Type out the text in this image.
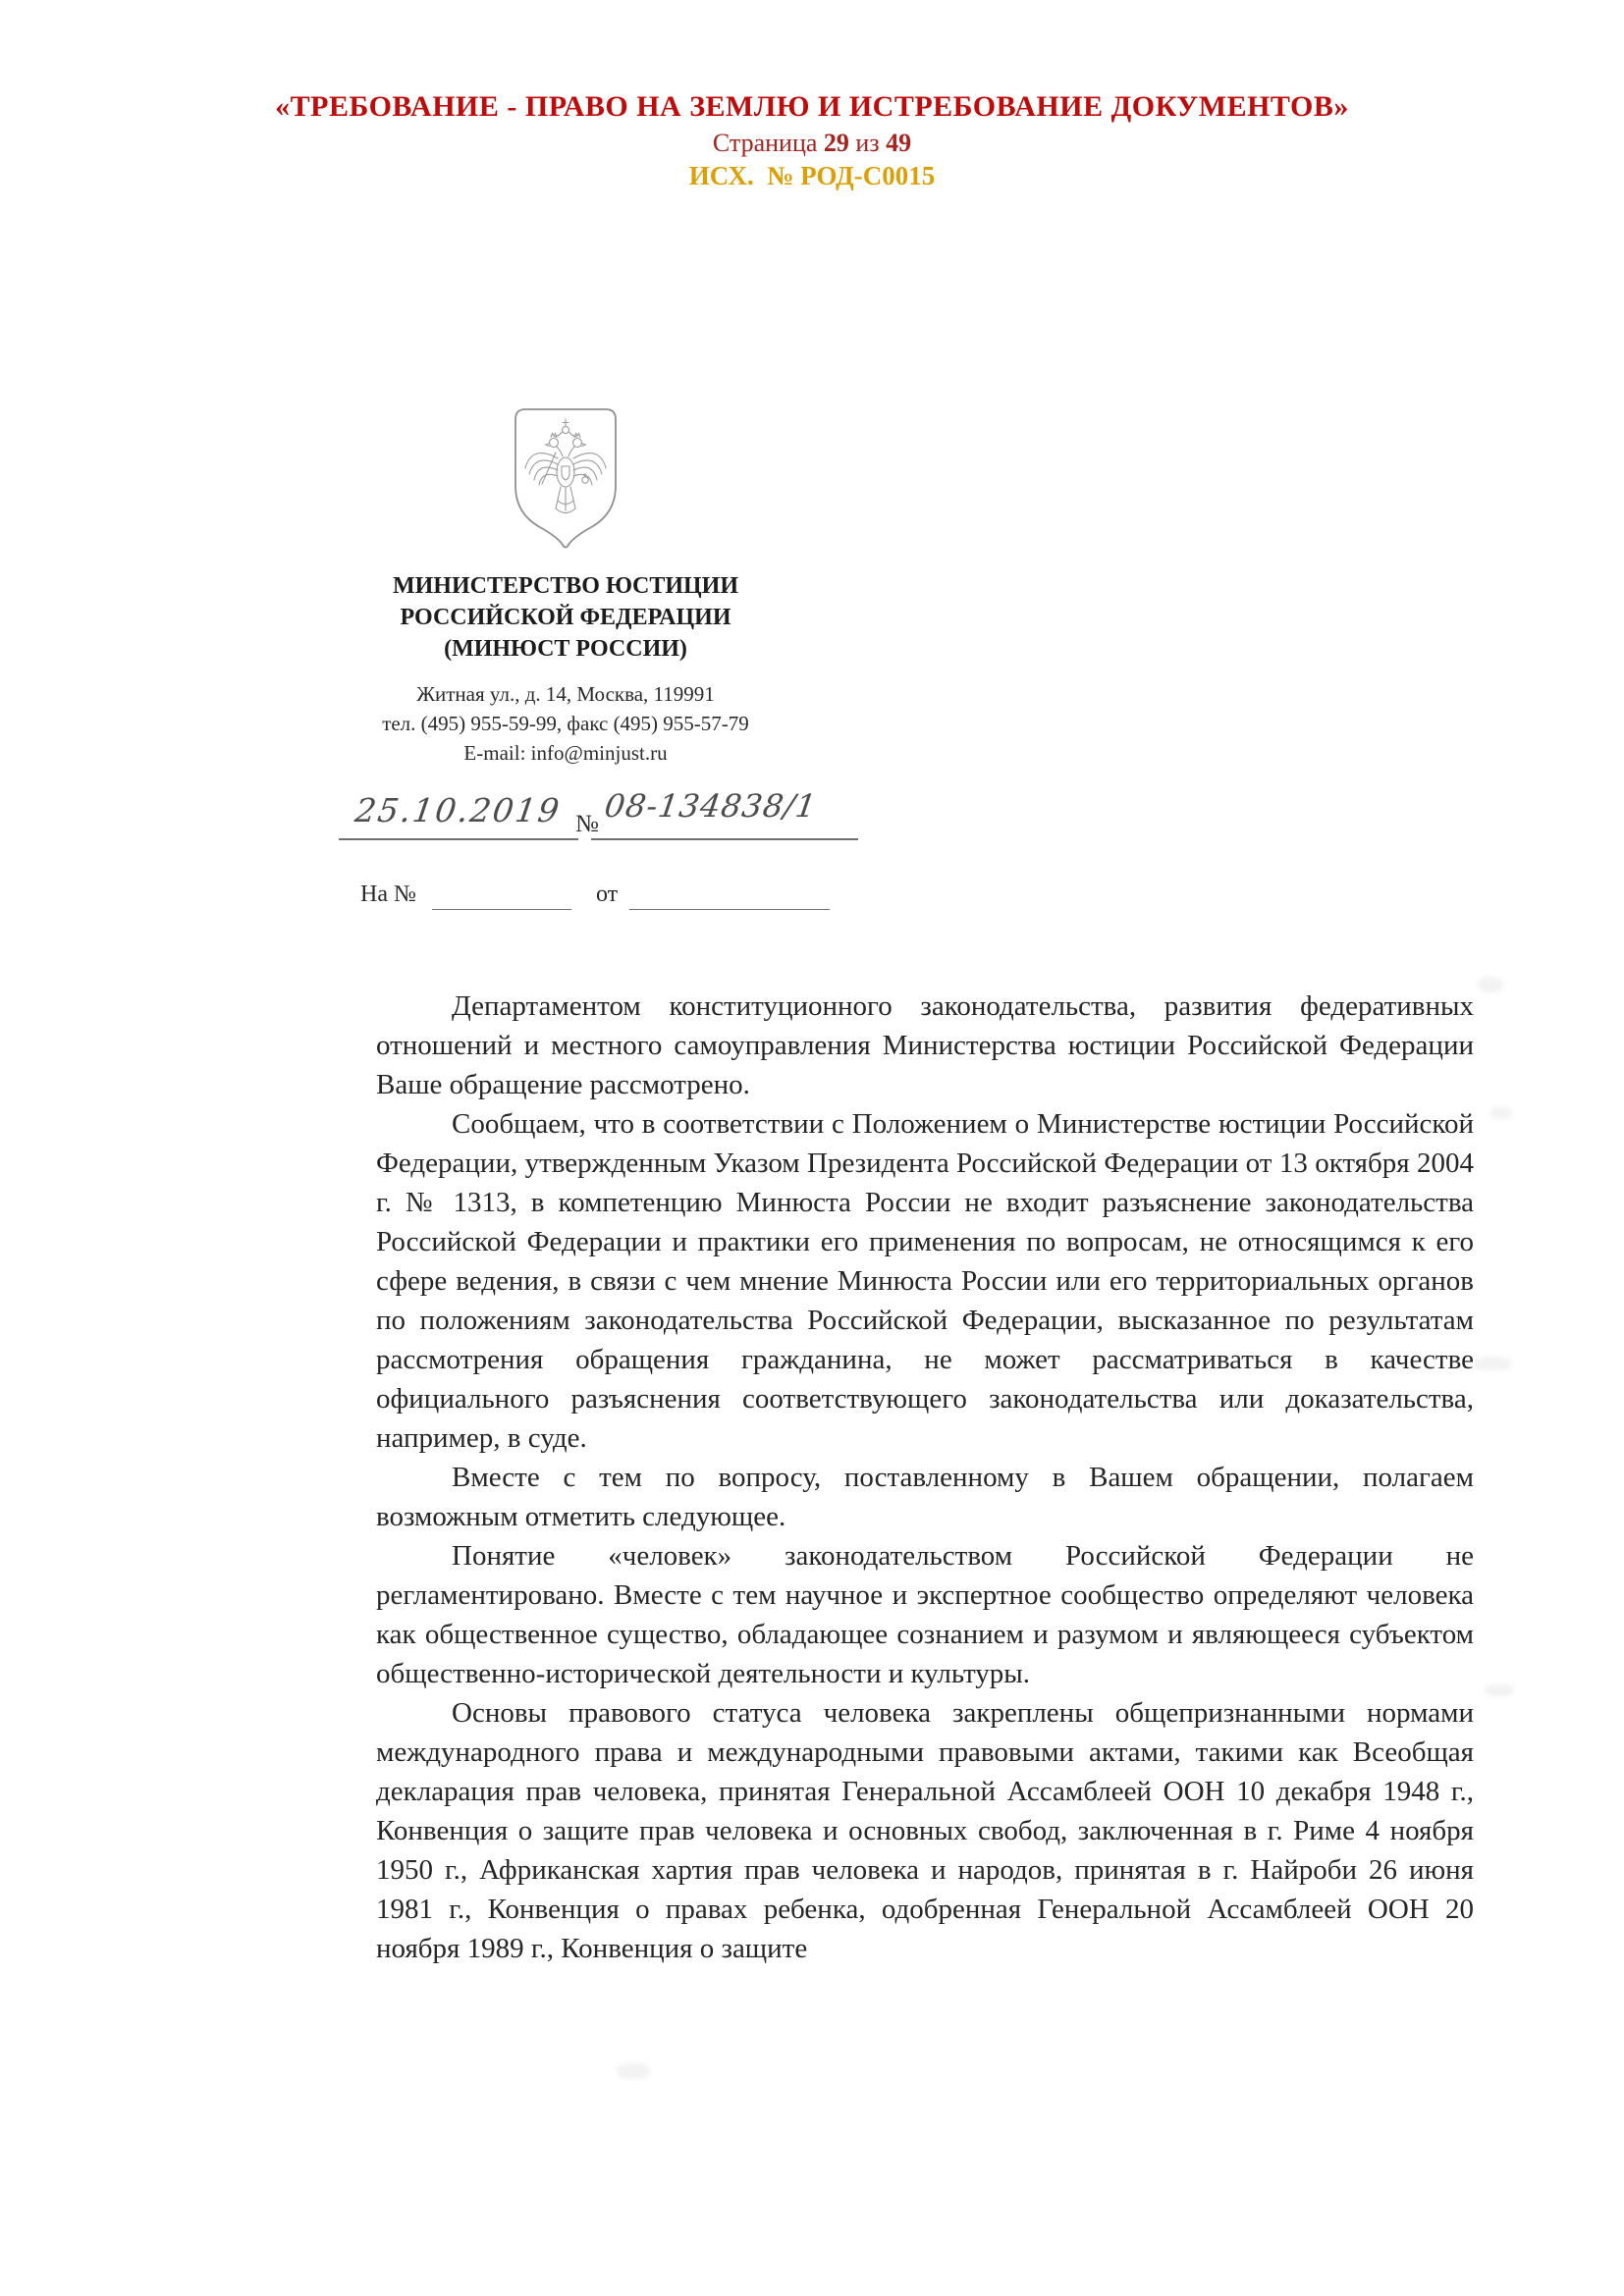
«ТРЕБОВАНИЕ - ПРАВО НА ЗЕМЛЮ И ИСТРЕБОВАНИЕ ДОКУМЕНТОВ»
Страница 29 из 49
ИСХ.  № РОД-С0015
МИНИСТЕРСТВО ЮСТИЦИИ
РОССИЙСКОЙ ФЕДЕРАЦИИ
(МИНЮСТ РОССИИ)
Житная ул., д. 14, Москва, 119991
тел. (495) 955-59-99, факс (495) 955-57-79
E-mail: info@minjust.ru
25.10.2019 № 08-134838/1
На №	от

Департаментом конституционного законодательства, развития федеративных отношений и местного самоуправления Министерства юстиции Российской Федерации Ваше обращение рассмотрено.

Сообщаем, что в соответствии с Положением о Министерстве юстиции Российской Федерации, утвержденным Указом Президента Российской Федерации от 13 октября 2004 г. № 1313, в компетенцию Минюста России не входит разъяснение законодательства Российской Федерации и практики его применения по вопросам, не относящимся к его сфере ведения, в связи с чем мнение Минюста России или его территориальных органов по положениям законодательства Российской Федерации, высказанное по результатам рассмотрения обращения гражданина, не может рассматриваться в качестве официального разъяснения соответствующего законодательства или доказательства, например, в суде.

Вместе с тем по вопросу, поставленному в Вашем обращении, полагаем возможным отметить следующее.

Понятие «человек» законодательством Российской Федерации не регламентировано. Вместе с тем научное и экспертное сообщество определяют человека как общественное существо, обладающее сознанием и разумом и являющееся субъектом общественно-исторической деятельности и культуры.

Основы правового статуса человека закреплены общепризнанными нормами международного права и международными правовыми актами, такими как Всеобщая декларация прав человека, принятая Генеральной Ассамблеей ООН 10 декабря 1948 г., Конвенция о защите прав человека и основных свобод, заключенная в г. Риме 4 ноября 1950 г., Африканская хартия прав человека и народов, принятая в г. Найроби 26 июня 1981 г., Конвенция о правах ребенка, одобренная Генеральной Ассамблеей ООН 20 ноября 1989 г., Конвенция о защите
